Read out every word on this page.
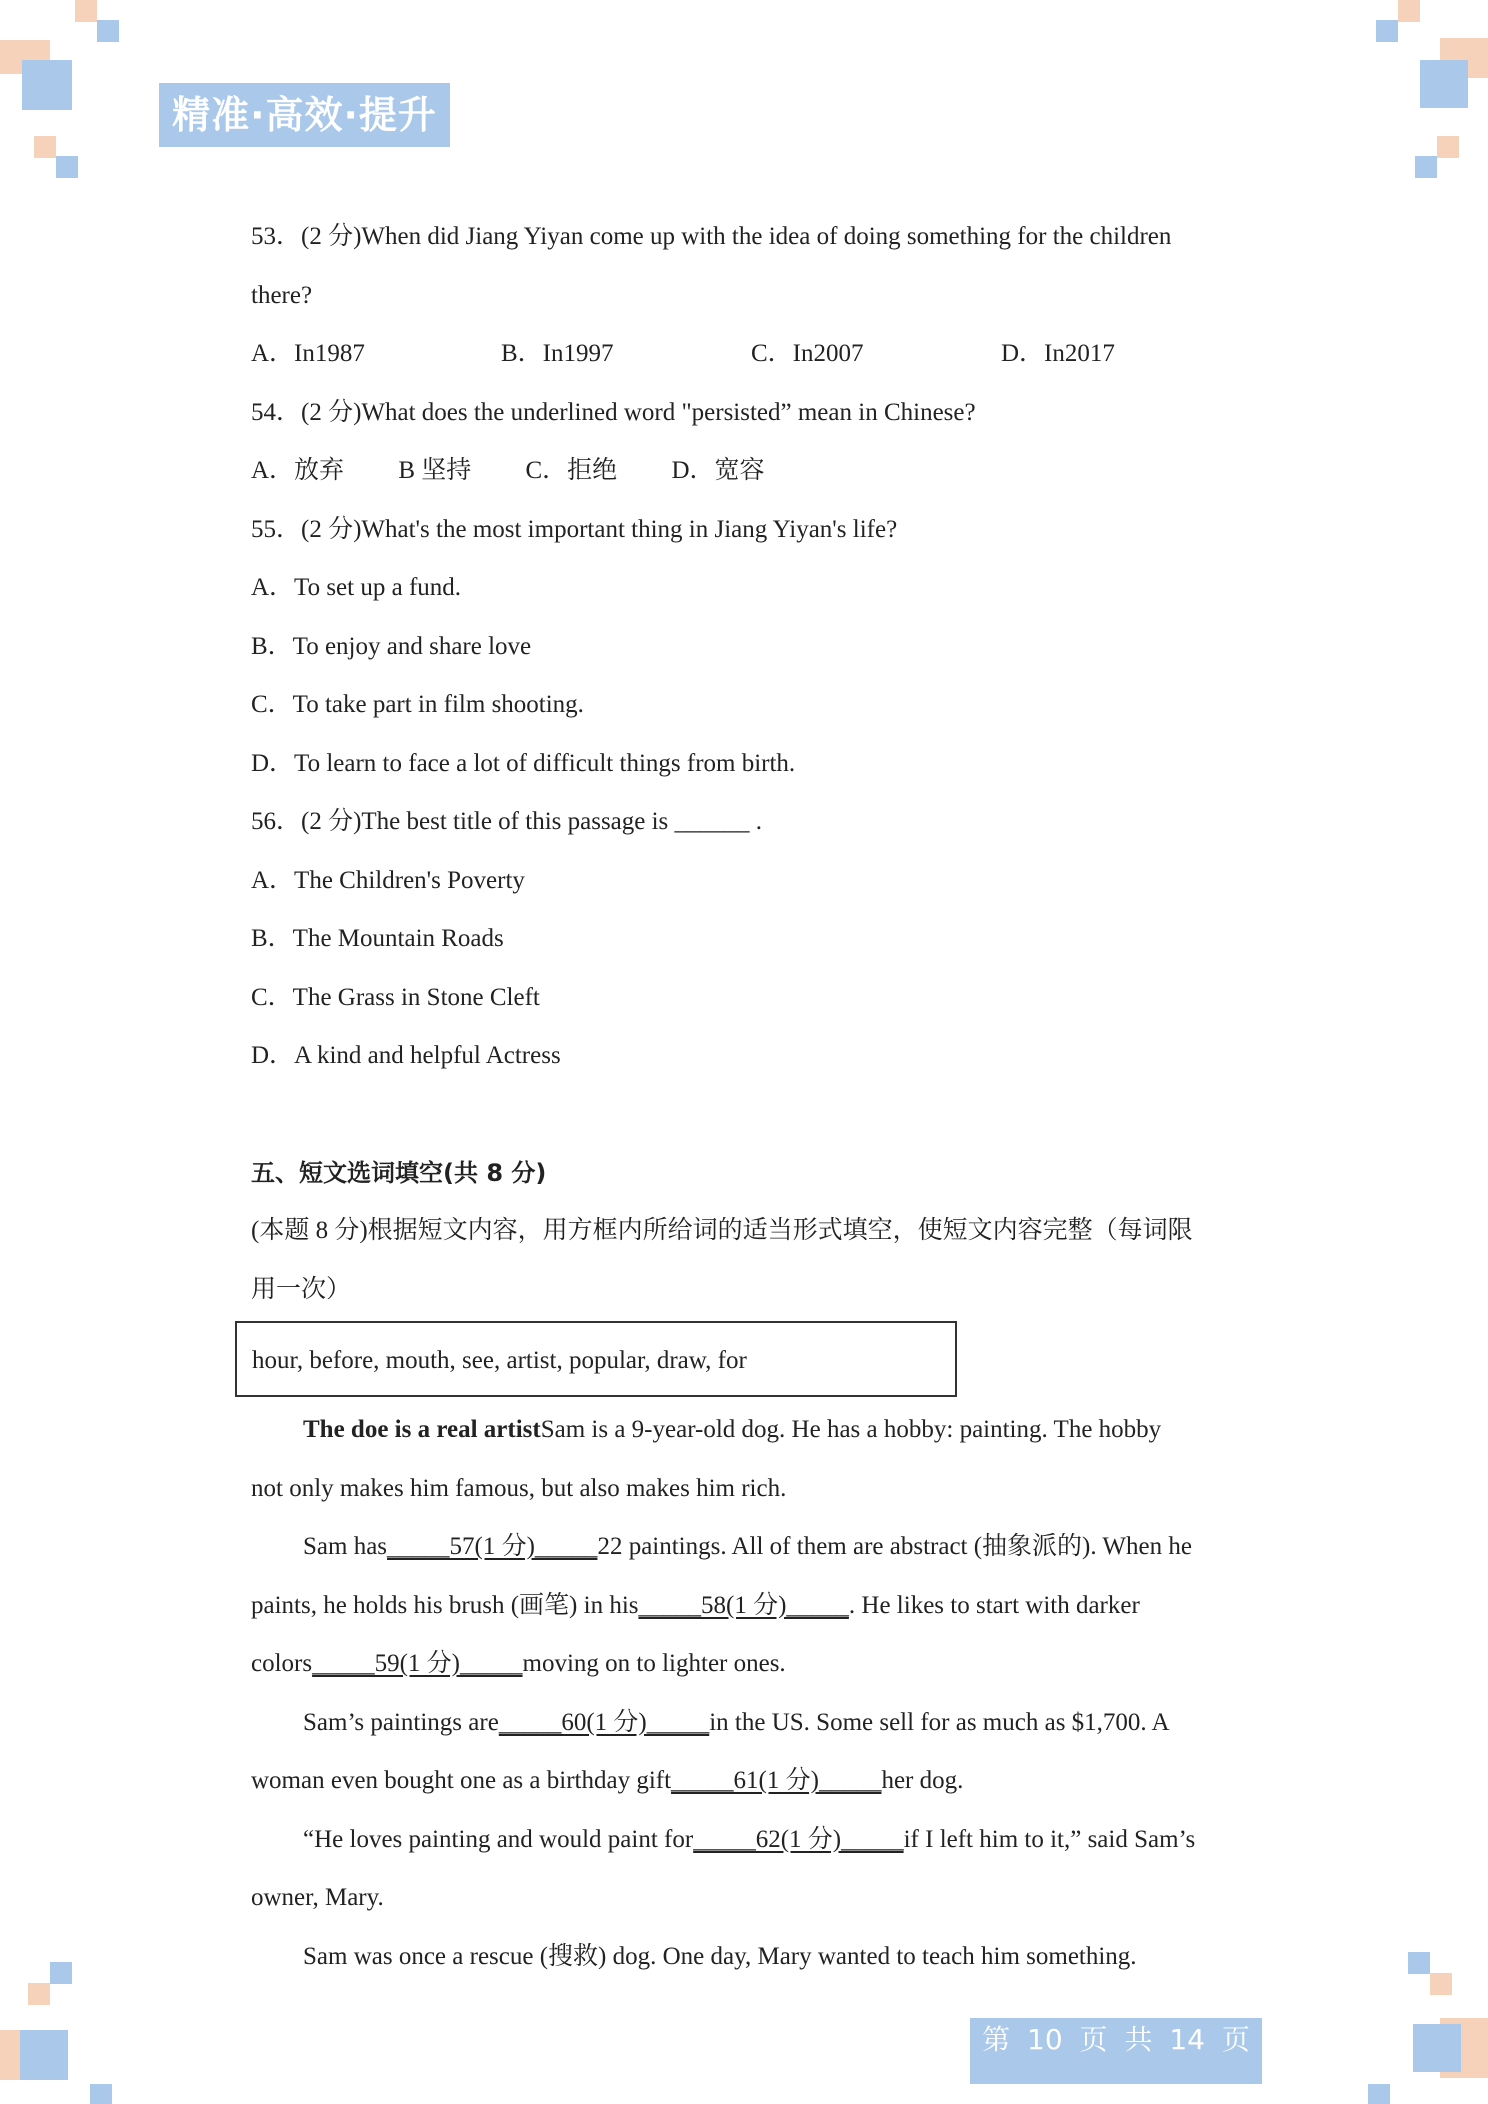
精准·高效·提升
53．(2 分)When did Jiang Yiyan come up with the idea of doing something for the children
there?
A．In1987	B．In1997	C．In2007	D．In2017
54．(2 分)What does the underlined word "persisted” mean in Chinese?
A．放弃 B 坚持 C．拒绝 D．宽容
55．(2 分)What's the most important thing in Jiang Yiyan's life?
A．To set up a fund.
B．To enjoy and share love
C．To take part in film shooting.
D．To learn to face a lot of difficult things from birth.
56．(2 分)The best title of this passage is ______ .
A．The Children's Poverty
B．The Mountain Roads
C．The Grass in Stone Cleft
D．A kind and helpful Actress
五、短文选词填空(共 8 分)
(本题 8 分)根据短文内容，用方框内所给词的适当形式填空，使短文内容完整（每词限
用一次）
hour, before, mouth, see, artist, popular, draw, for
The doe is a real artistSam is a 9-year-old dog. He has a hobby: painting. The hobby
not only makes him famous, but also makes him rich.
Sam has_____57(1 分)_____22 paintings. All of them are abstract (抽象派的). When he
paints, he holds his brush (画笔) in his_____58(1 分)_____. He likes to start with darker
colors_____59(1 分)_____moving on to lighter ones.
Sam’s paintings are_____60(1 分)_____in the US. Some sell for as much as $1,700. A
woman even bought one as a birthday gift_____61(1 分)_____her dog.
“He loves painting and would paint for_____62(1 分)_____if I left him to it,” said Sam’s
owner, Mary.
Sam was once a rescue (搜救) dog. One day, Mary wanted to teach him something.
第 10 页 共 14 页
